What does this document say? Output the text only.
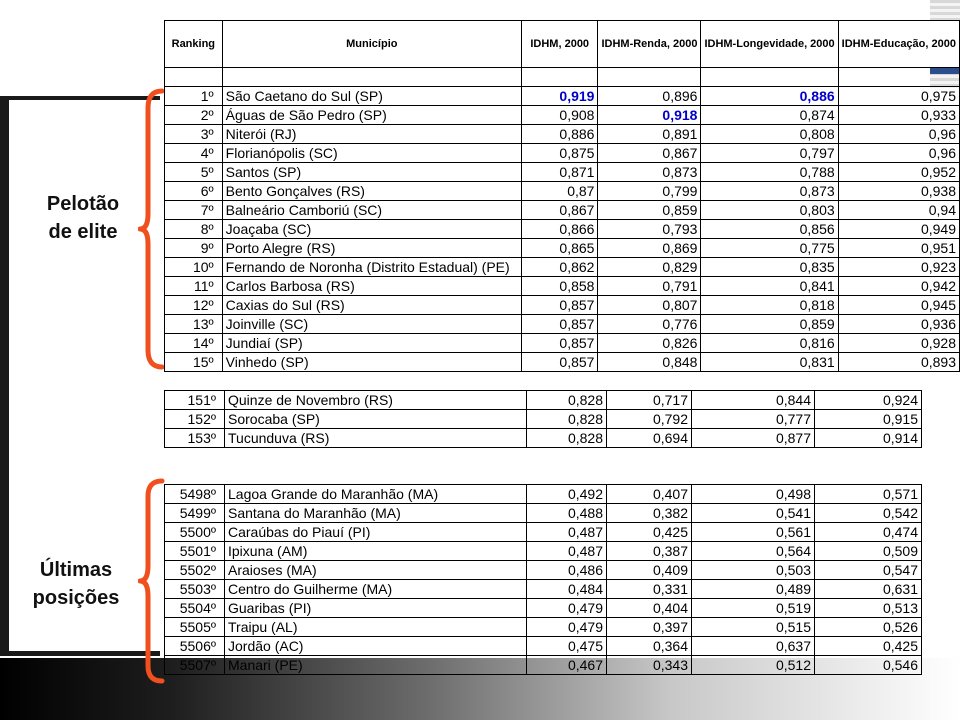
Pelotão
de elite
Últimas
posições
Ranking	Município	IDHM, 2000	IDHM-Renda, 2000	IDHM-Longevidade, 2000	IDHM-Educação, 2000

1º	São Caetano do Sul (SP)	0,919	0,896	0,886	0,975
2º	Águas de São Pedro (SP)	0,908	0,918	0,874	0,933
3º	Niterói (RJ)	0,886	0,891	0,808	0,96
4º	Florianópolis (SC)	0,875	0,867	0,797	0,96
5º	Santos (SP)	0,871	0,873	0,788	0,952
6º	Bento Gonçalves (RS)	0,87	0,799	0,873	0,938
7º	Balneário Camboriú (SC)	0,867	0,859	0,803	0,94
8º	Joaçaba (SC)	0,866	0,793	0,856	0,949
9º	Porto Alegre (RS)	0,865	0,869	0,775	0,951
10º	Fernando de Noronha (Distrito Estadual) (PE)	0,862	0,829	0,835	0,923
11º	Carlos Barbosa (RS)	0,858	0,791	0,841	0,942
12º	Caxias do Sul (RS)	0,857	0,807	0,818	0,945
13º	Joinville (SC)	0,857	0,776	0,859	0,936
14º	Jundiaí (SP)	0,857	0,826	0,816	0,928
15º	Vinhedo (SP)	0,857	0,848	0,831	0,893
151º	Quinze de Novembro (RS)	0,828	0,717	0,844	0,924
152º	Sorocaba (SP)	0,828	0,792	0,777	0,915
153º	Tucunduva (RS)	0,828	0,694	0,877	0,914
5498º	Lagoa Grande do Maranhão (MA)	0,492	0,407	0,498	0,571
5499º	Santana do Maranhão (MA)	0,488	0,382	0,541	0,542
5500º	Caraúbas do Piauí (PI)	0,487	0,425	0,561	0,474
5501º	Ipixuna (AM)	0,487	0,387	0,564	0,509
5502º	Araioses (MA)	0,486	0,409	0,503	0,547
5503º	Centro do Guilherme (MA)	0,484	0,331	0,489	0,631
5504º	Guaribas (PI)	0,479	0,404	0,519	0,513
5505º	Traipu (AL)	0,479	0,397	0,515	0,526
5506º	Jordão (AC)	0,475	0,364	0,637	0,425
5507º	Manari (PE)	0,467	0,343	0,512	0,546
